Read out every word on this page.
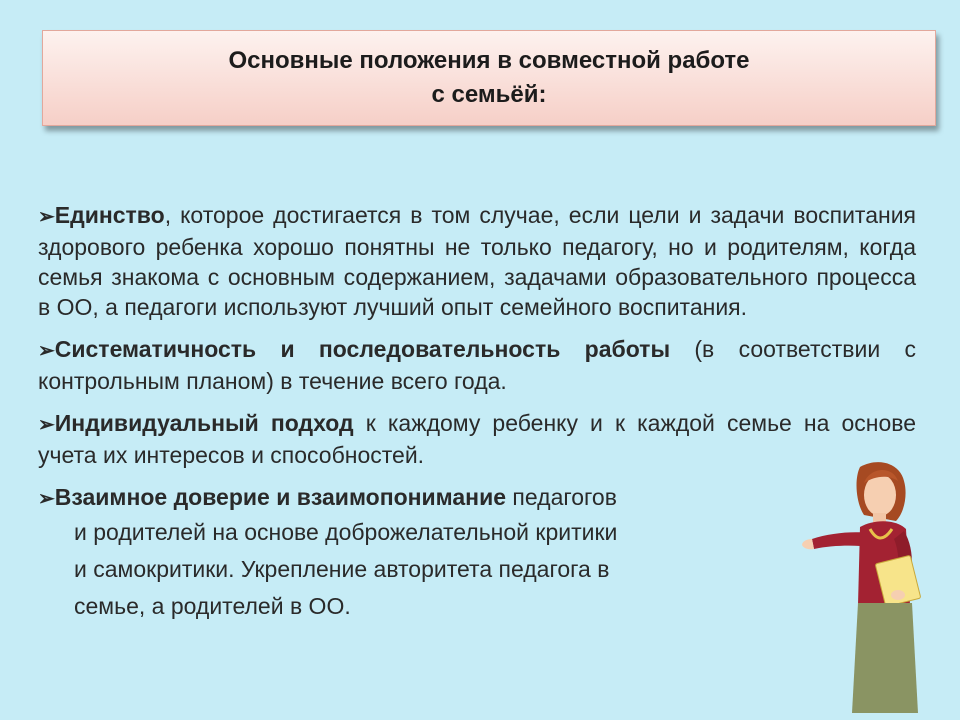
Основные положения в совместной работе
с семьёй:
➢Единство, которое достигается в том случае, если цели и задачи воспитания здорового ребенка хорошо понятны не только педагогу, но и родителям, когда семья знакома с основным содержанием, задачами образовательного процесса в ОО, а педагоги используют лучший опыт семейного воспитания.
➢Систематичность и последовательность работы (в соответствии с контрольным планом) в течение всего года.
➢Индивидуальный подход к каждому ребенку и к каждой семье на основе учета их интересов и способностей.
➢Взаимное доверие и взаимопонимание педагогов
и родителей на основе доброжелательной критики
и самокритики. Укрепление авторитета педагога в
семье, а родителей в ОО.
